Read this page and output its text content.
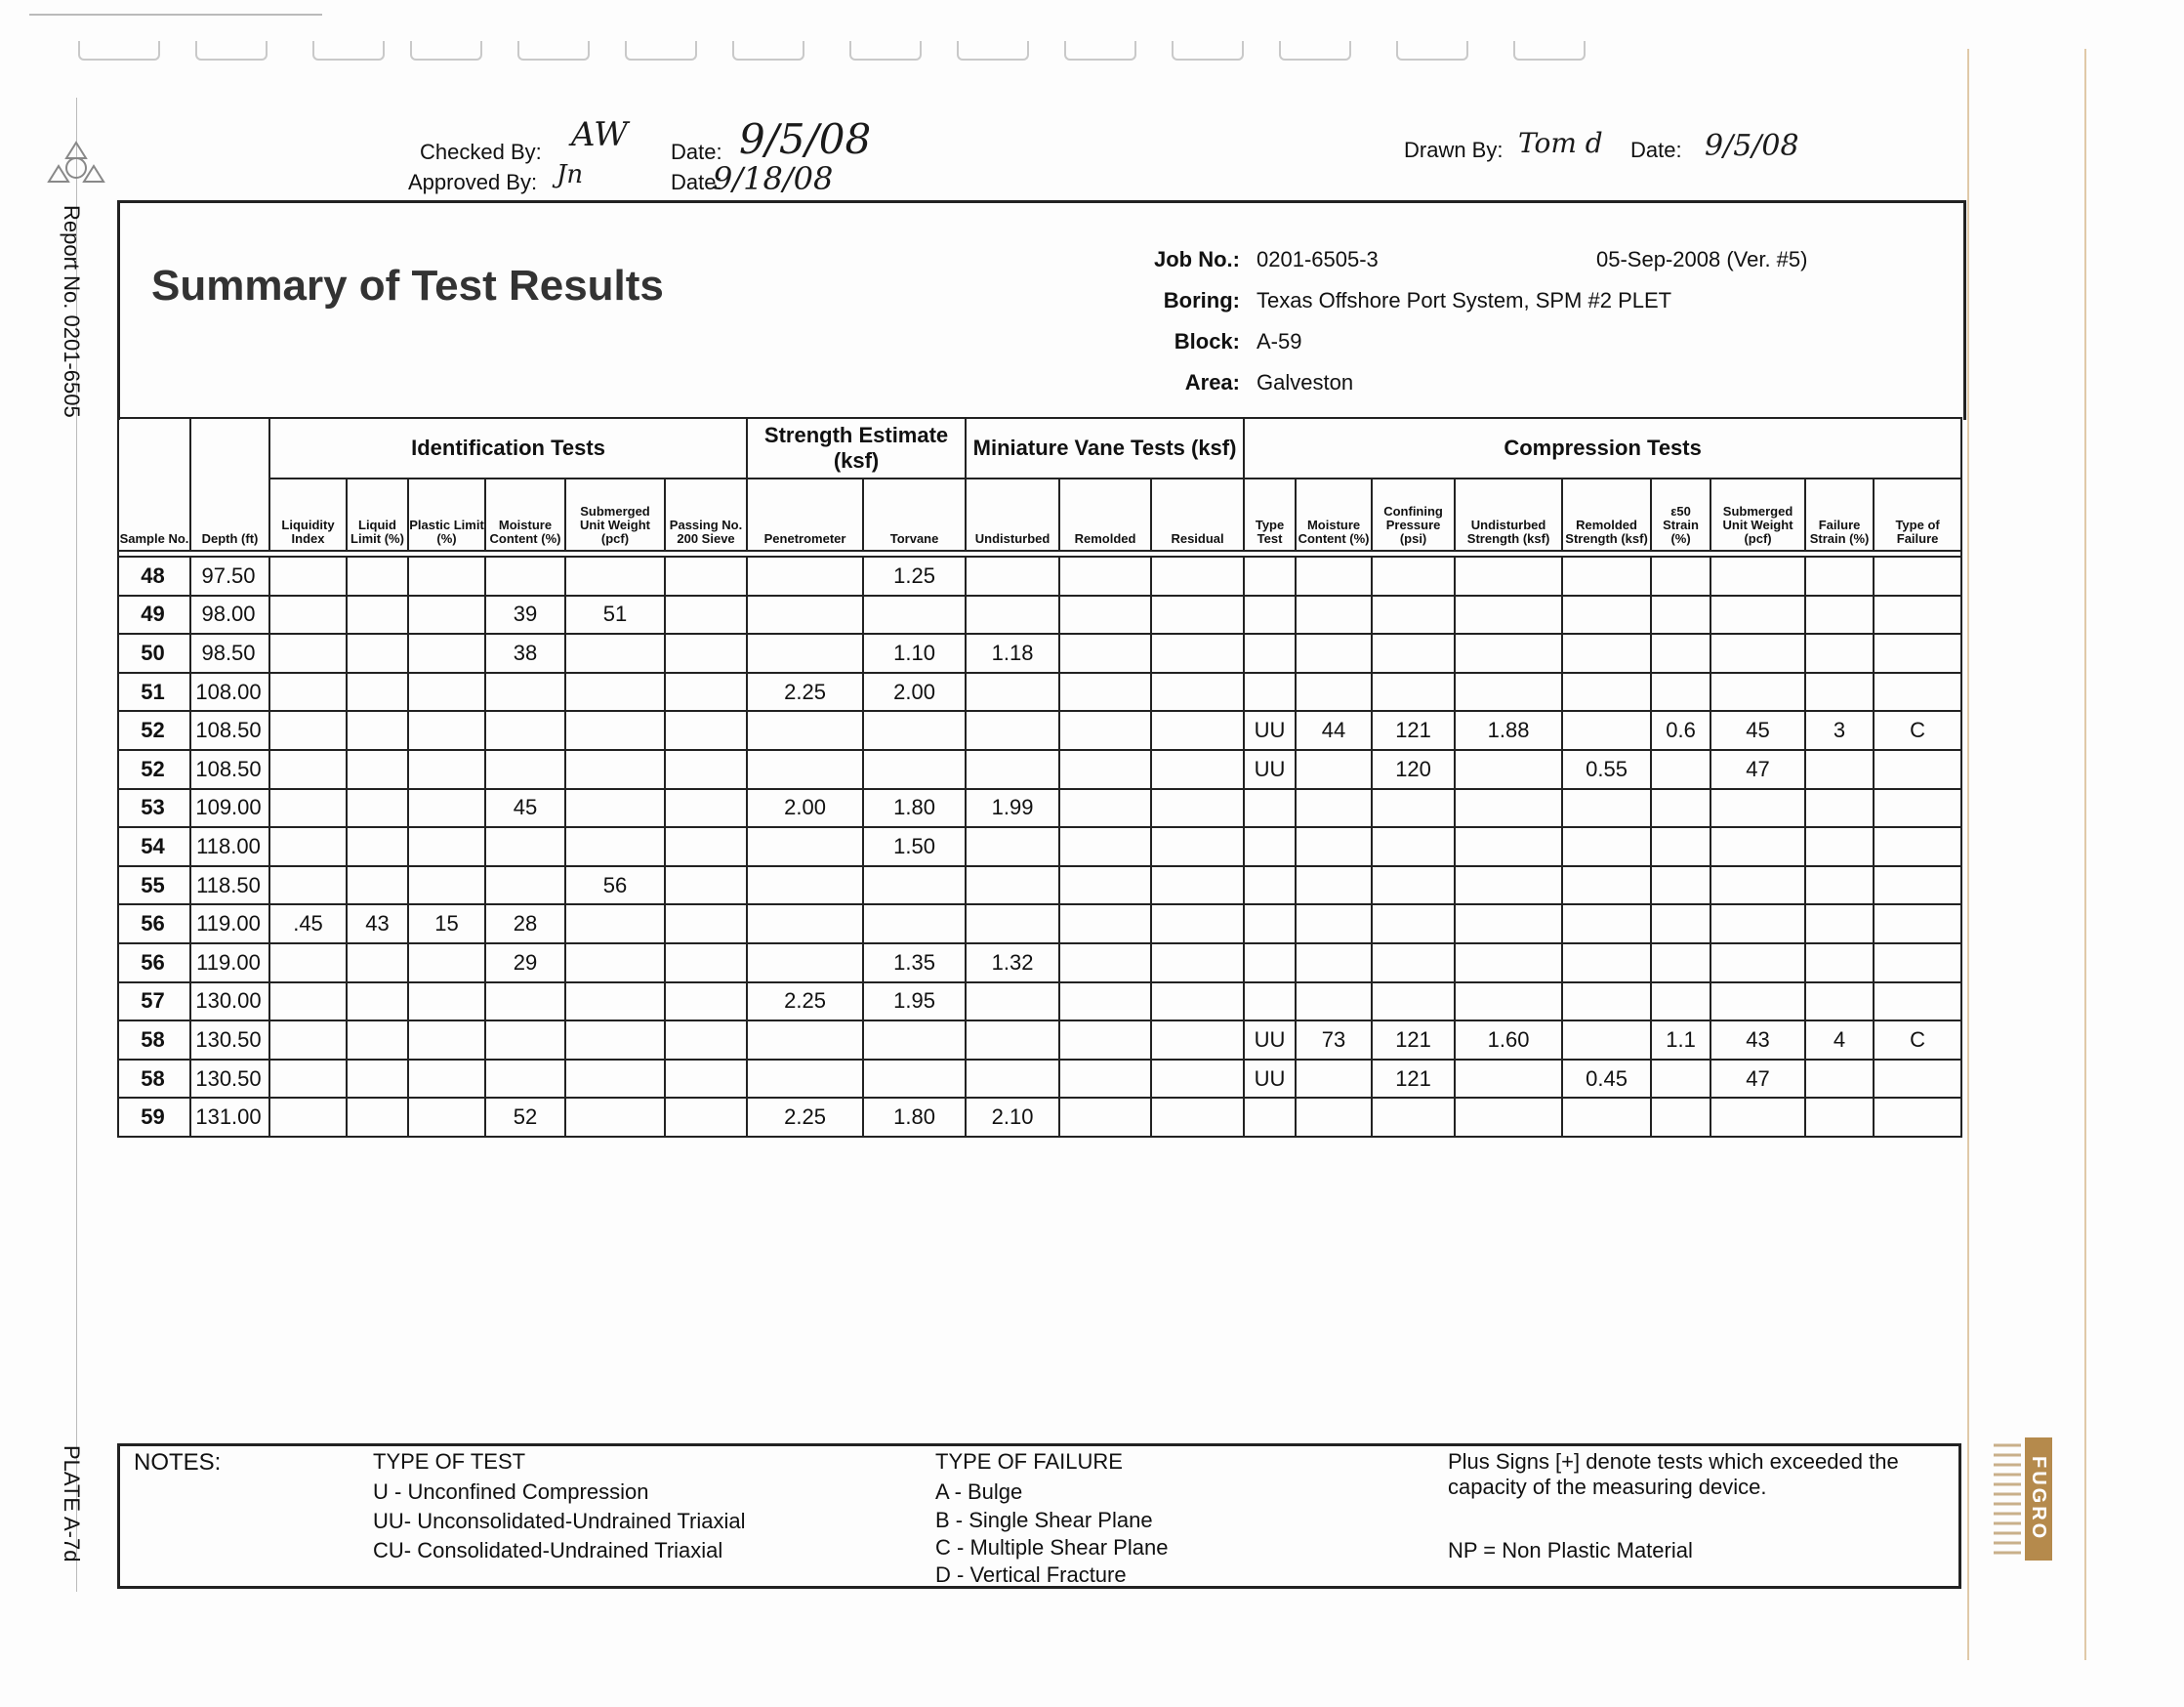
Report No. 0201-6505
PLATE A-7d
Checked By: AW Date: 9/5/08
Approved By: Jn	Date:
9/18/08
Drawn By: Tom d Date: 9/5/08
Summary of Test Results
Job No.: 0201-6505-3	05-Sep-2008 (Ver. #5)
Boring: Texas Offshore Port System, SPM #2 PLET
Block: A-59
Area: Galveston
Sample No.	Depth (ft)	Identification Tests						Strength Estimate (ksf)		Miniature Vane Tests (ksf)			Compression Tests								
		Liquidity Index	Liquid Limit (%)	Plastic Limit (%)	Moisture Content (%)	Submerged Unit Weight (pcf)	Passing No. 200 Sieve	Penetrometer	Torvane	Undisturbed	Remolded	Residual	Type Test	Moisture Content (%)	Confining Pressure (psi)	Undisturbed Strength (ksf)	Remolded Strength (ksf)	ε50 Strain (%)	Submerged Unit Weight (pcf)	Failure Strain (%)	Type of Failure

48	97.50								1.25												
49	98.00				39	51															
50	98.50				38				1.10	1.18											
51	108.00							2.25	2.00												
52	108.50												UU	44	121	1.88		0.6	45	3	C
52	108.50												UU		120		0.55		47		
53	109.00				45			2.00	1.80	1.99											
54	118.00								1.50												
55	118.50					56															
56	119.00	.45	43	15	28																
56	119.00				29				1.35	1.32											
57	130.00							2.25	1.95												
58	130.50												UU	73	121	1.60		1.1	43	4	C
58	130.50												UU		121		0.45		47		
59	131.00				52			2.25	1.80	2.10											
NOTES:	TYPE OF TEST
U - Unconfined Compression
UU- Unconsolidated-Undrained Triaxial
CU- Consolidated-Undrained Triaxial
TYPE OF FAILURE
A - Bulge
B - Single Shear Plane
C - Multiple Shear Plane
D - Vertical Fracture
Plus Signs [+] denote tests which exceeded the
capacity of the measuring device.
NP = Non Plastic Material
FUGRO
